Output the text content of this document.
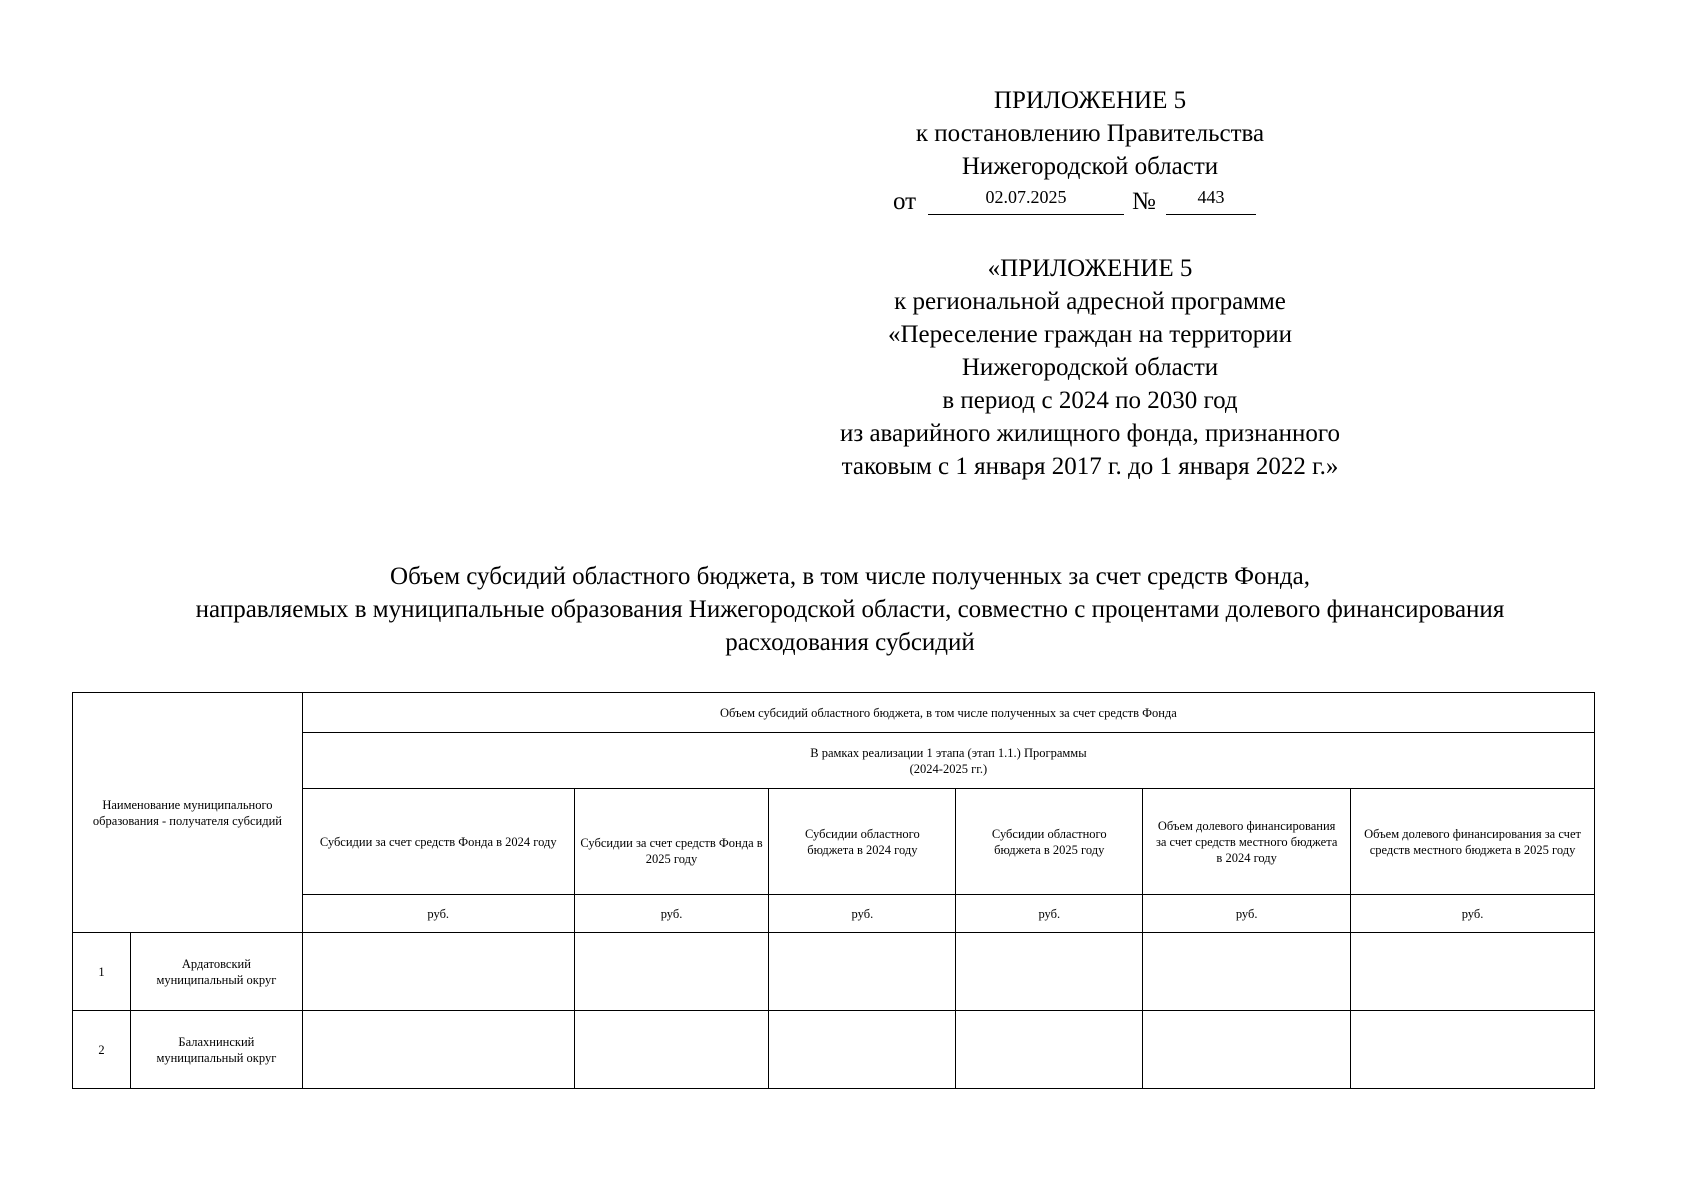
ПРИЛОЖЕНИЕ 5
к постановлению Правительства
Нижегородской области
от	02.07.2025	№	443
«ПРИЛОЖЕНИЕ 5
к региональной адресной программе
«Переселение граждан на территории
Нижегородской области
в период с 2024 по 2030 год
из аварийного жилищного фонда, признанного
таковым с 1 января 2017 г. до 1 января 2022 г.»
Объем субсидий областного бюджета, в том числе полученных за счет средств Фонда,
направляемых в муниципальные образования Нижегородской области, совместно с процентами долевого финансирования
расходования субсидий
Наименование муниципального образования - получателя субсидий		Объем субсидий областного бюджета, в том числе полученных за счет средств Фонда					

		В рамках реализации 1 этапа (этап 1.1.) Программы
(2024-2025 гг.)					

		Субсидии за счет средств Фонда в 2024 году	Субсидии за счет средств Фонда в 2025 году	Субсидии областного бюджета в 2024 году	Субсидии областного бюджета в 2025 году	Объем долевого финансирования за счет средств местного бюджета в 2024 году	Объем долевого финансирования за счет средств местного бюджета в 2025 году
		руб.	руб.	руб.	руб.	руб.	руб.
1	Ардатовский муниципальный округ						
2	Балахнинский муниципальный округ						
